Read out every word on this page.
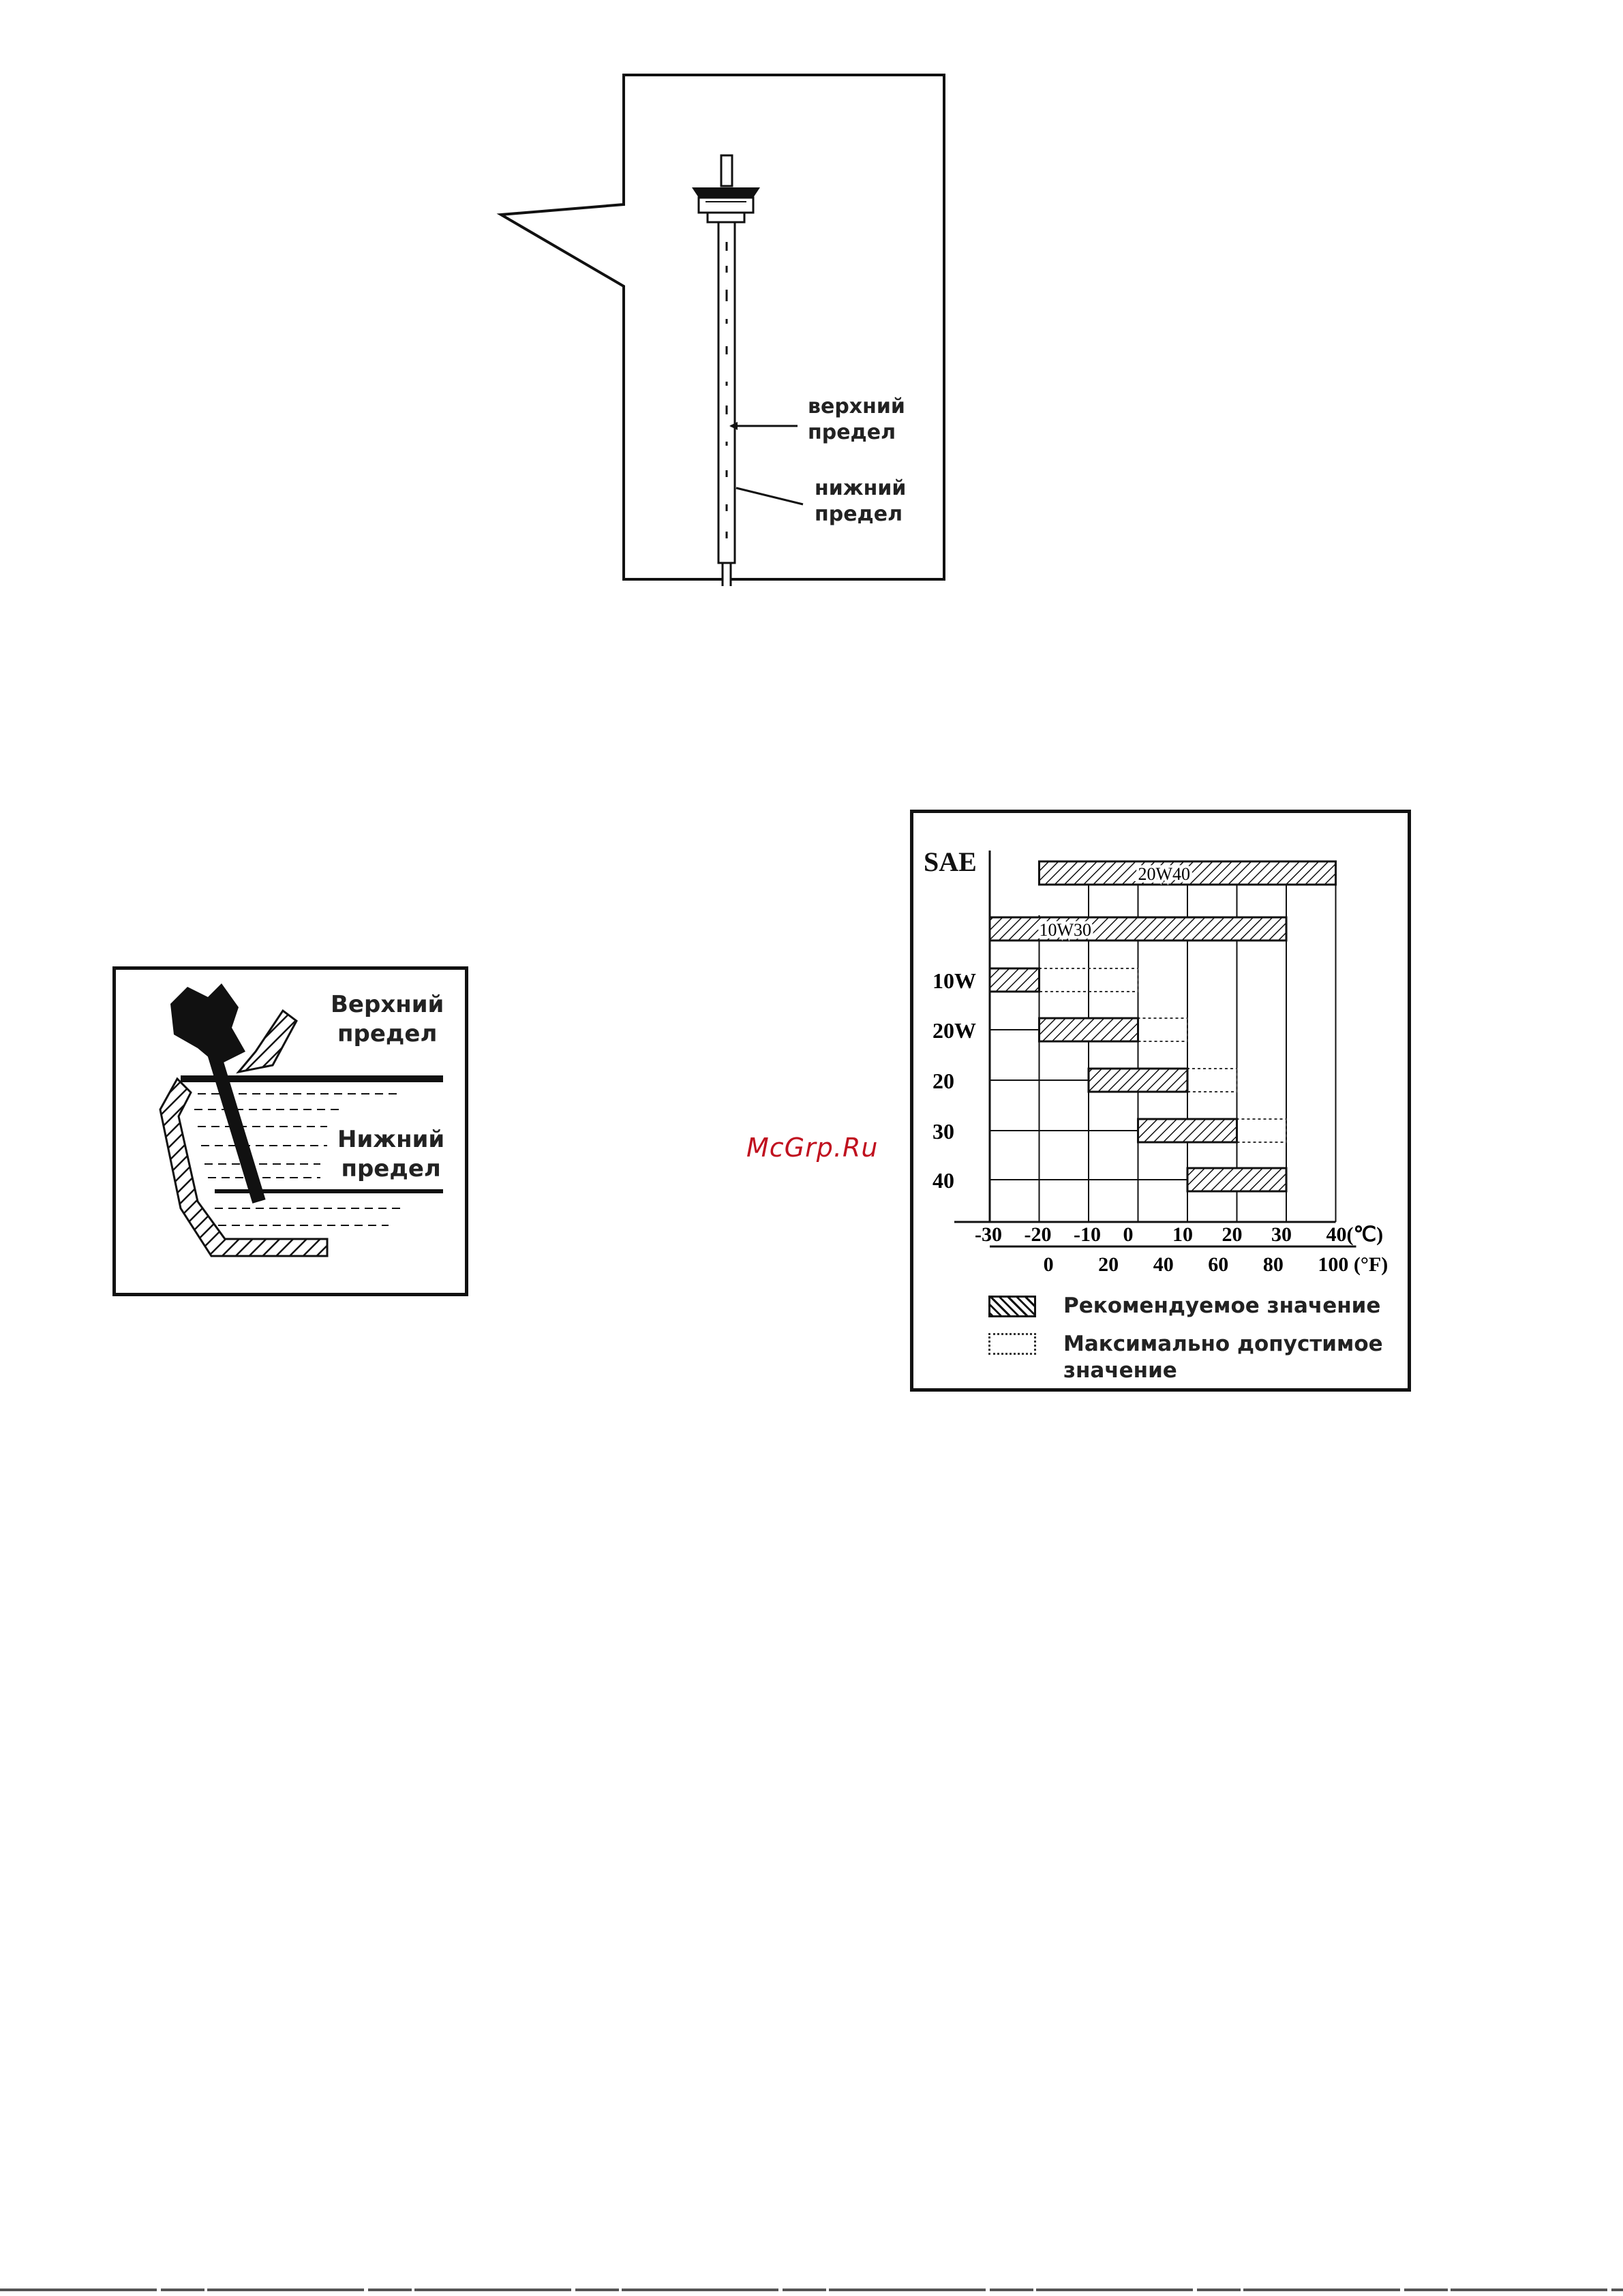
верхний
предел
нижний
предел
Верхний
предел
Нижний
предел
McGrp.Ru
20W40
10W30
10W
20W
20
30
40
-30 -20 -10 0 10 20 30 40(℃)
0 20 40 60 80 100 (°F)
SAE
Рекомендуемое значение
Максимально допустимое
значение
